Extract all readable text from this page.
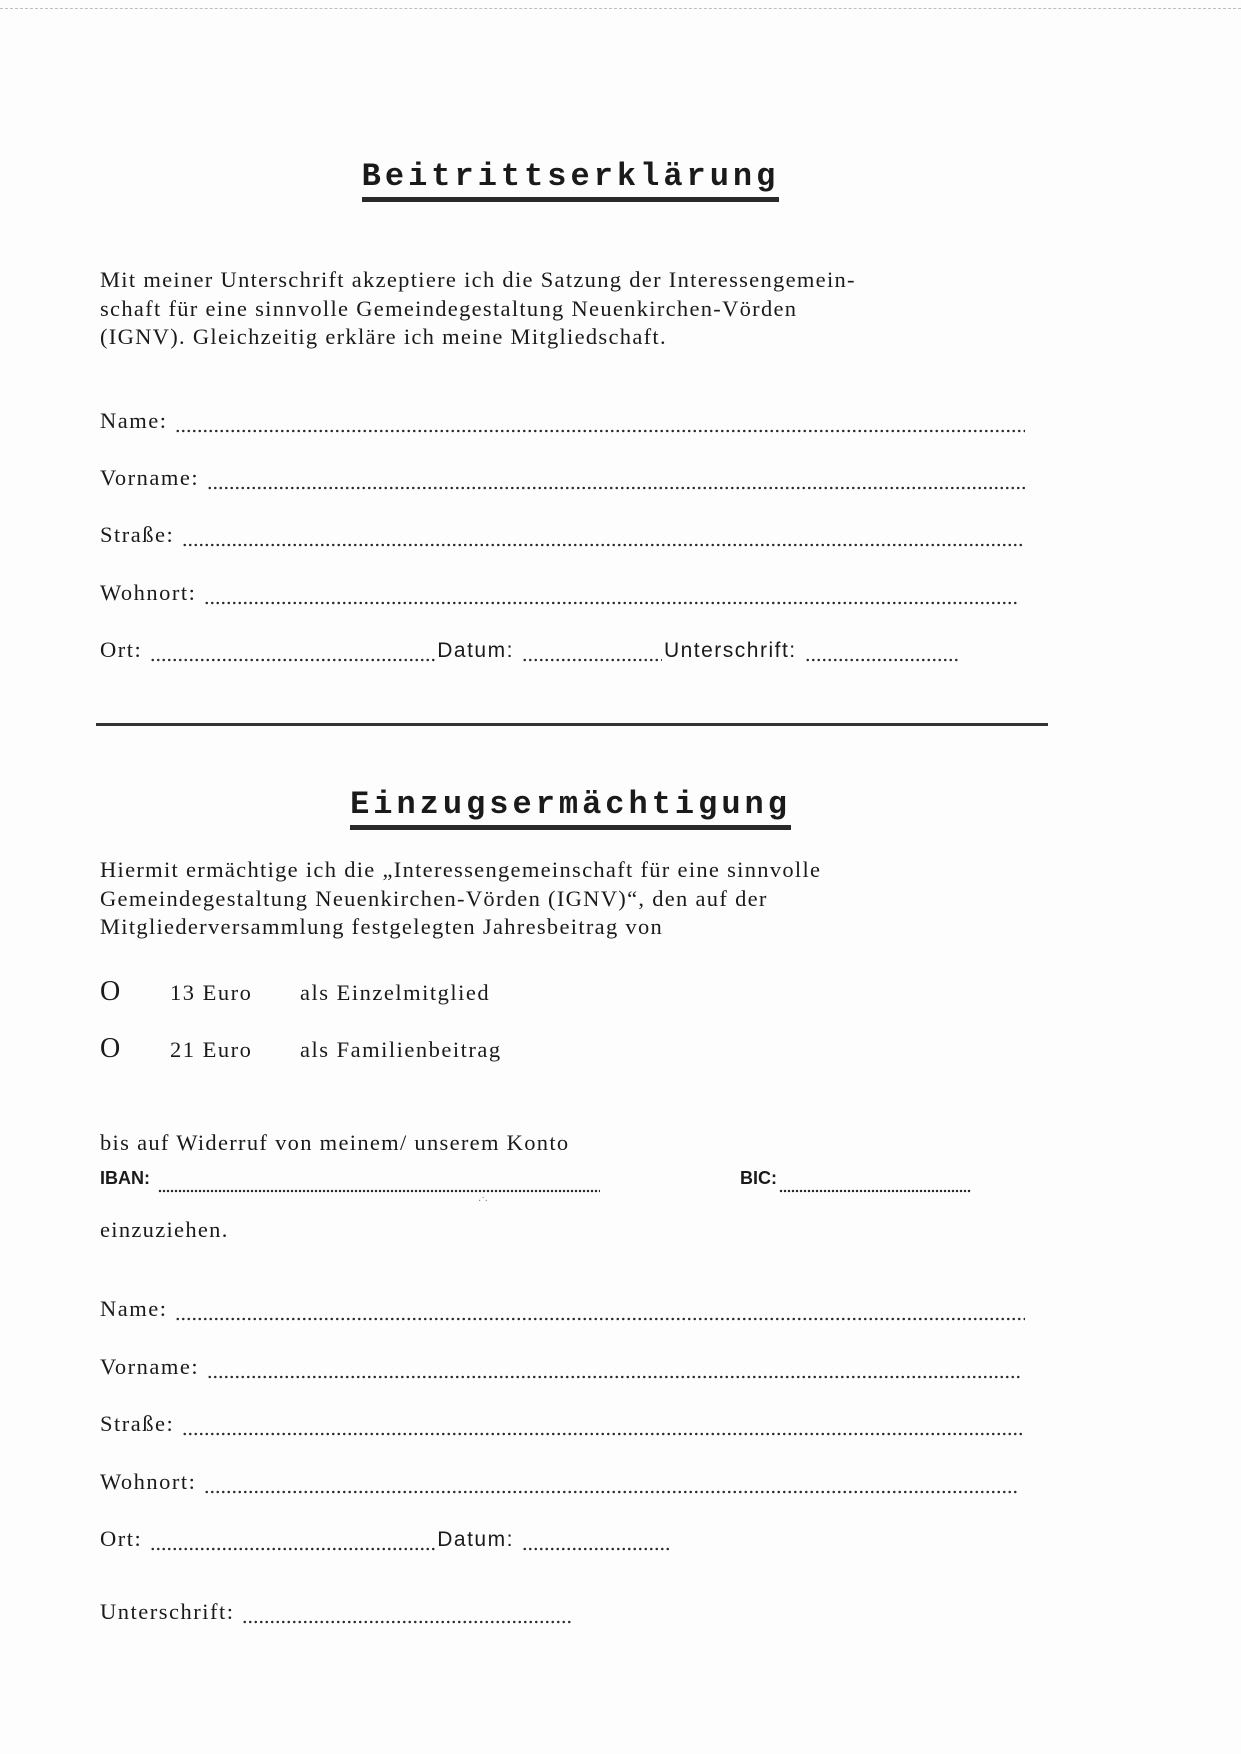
Beitrittserklärung

Mit meiner Unterschrift akzeptiere ich die Satzung der Interessengemein-
schaft für eine sinnvolle Gemeindegestaltung Neuenkirchen-Vörden
(IGNV). Gleichzeitig erkläre ich meine Mitgliedschaft.

Name:
Vorname:
Straße:
Wohnort:
Ort:	Datum:	Unterschrift:
Einzugsermächtigung

Hiermit ermächtige ich die „Interessengemeinschaft für eine sinnvolle
Gemeindegestaltung Neuenkirchen-Vörden (IGNV)“, den auf der
Mitgliederversammlung festgelegten Jahresbeitrag von

O	13 Euro	als Einzelmitglied
O	21 Euro	als Familienbeitrag

bis auf Widerruf von meinem/ unserem Konto

IBAN:	BIC:

einzuziehen.

·˙·
Name:
Vorname:
Straße:
Wohnort:
Ort:	Datum:
Unterschrift:
